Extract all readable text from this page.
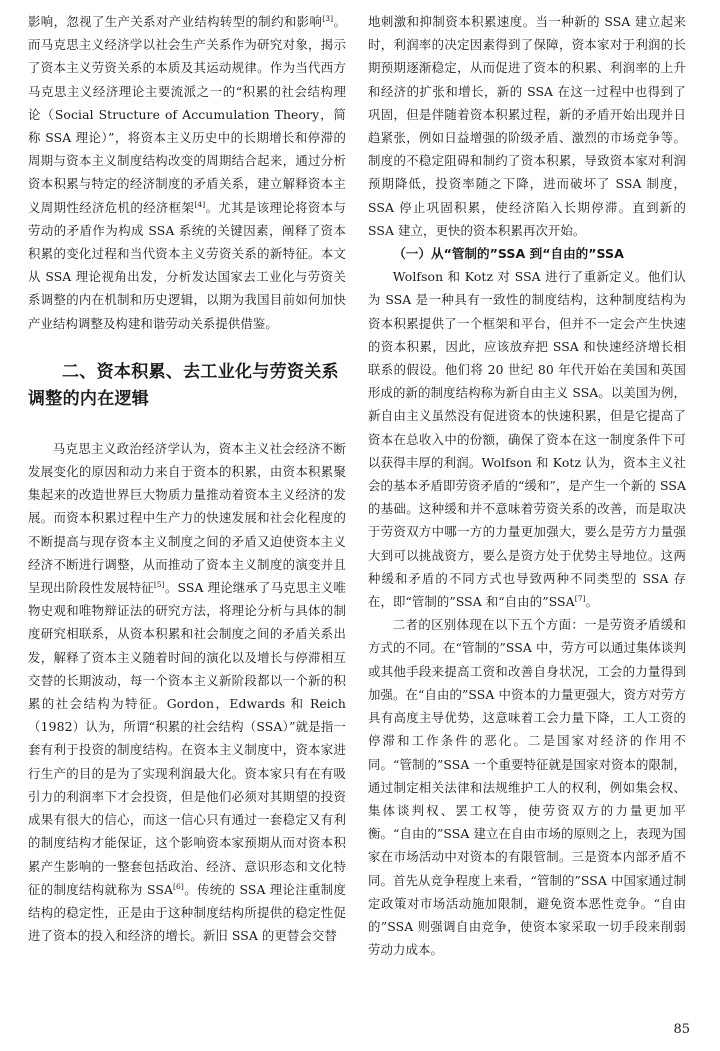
影响，忽视了生产关系对产业结构转型的制约和影响[3]。而马克思主义经济学以社会生产关系作为研究对象，揭示了资本主义劳资关系的本质及其运动规律。作为当代西方马克思主义经济理论主要流派之一的“积累的社会结构理论（Social Structure of Accumulation Theory，简称 SSA 理论）”，将资本主义历史中的长期增长和停滞的周期与资本主义制度结构改变的周期结合起来，通过分析资本积累与特定的经济制度的矛盾关系，建立解释资本主义周期性经济危机的经济框架[4]。尤其是该理论将资本与劳动的矛盾作为构成 SSA 系统的关键因素，阐释了资本积累的变化过程和当代资本主义劳资关系的新特征。本文从 SSA 理论视角出发，分析发达国家去工业化与劳资关系调整的内在机制和历史逻辑，以期为我国目前如何加快产业结构调整及构建和谐劳动关系提供借鉴。

二、资本积累、去工业化与劳资关系调整的内在逻辑

马克思主义政治经济学认为，资本主义社会经济不断发展变化的原因和动力来自于资本的积累，由资本积累聚集起来的改造世界巨大物质力量推动着资本主义经济的发展。而资本积累过程中生产力的快速发展和社会化程度的不断提高与现存资本主义制度之间的矛盾又迫使资本主义经济不断进行调整，从而推动了资本主义制度的演变并且呈现出阶段性发展特征[5]。SSA 理论继承了马克思主义唯物史观和唯物辩证法的研究方法，将理论分析与具体的制度研究相联系，从资本积累和社会制度之间的矛盾关系出发，解释了资本主义随着时间的演化以及增长与停滞相互交替的长期波动，每一个资本主义新阶段都以一个新的积累的社会结构为特征。Gordon，Edwards 和 Reich（1982）认为，所谓“积累的社会结构（SSA）”就是指一套有利于投资的制度结构。在资本主义制度中，资本家进行生产的目的是为了实现利润最大化。资本家只有在有吸引力的利润率下才会投资，但是他们必须对其期望的投资成果有很大的信心，而这一信心只有通过一套稳定又有利的制度结构才能保证，这个影响资本家预期从而对资本积累产生影响的一整套包括政治、经济、意识形态和文化特征的制度结构就称为 SSA[6]。传统的 SSA 理论注重制度结构的稳定性，正是由于这种制度结构所提供的稳定性促进了资本的投入和经济的增长。新旧 SSA 的更替会交替

地刺激和抑制资本积累速度。当一种新的 SSA 建立起来时，利润率的决定因素得到了保障，资本家对于利润的长期预期逐渐稳定，从而促进了资本的积累、利润率的上升和经济的扩张和增长，新的 SSA 在这一过程中也得到了巩固，但是伴随着资本积累过程，新的矛盾开始出现并日趋紧张，例如日益增强的阶级矛盾、激烈的市场竞争等。制度的不稳定阻碍和制约了资本积累，导致资本家对利润预期降低，投资率随之下降，进而破坏了 SSA 制度，SSA 停止巩固积累，使经济陷入长期停滞。直到新的 SSA 建立，更快的资本积累再次开始。

（一）从“管制的”SSA 到“自由的”SSA

Wolfson 和 Kotz 对 SSA 进行了重新定义。他们认为 SSA 是一种具有一致性的制度结构，这种制度结构为资本积累提供了一个框架和平台，但并不一定会产生快速的资本积累，因此，应该放弃把 SSA 和快速经济增长相联系的假设。他们将 20 世纪 80 年代开始在美国和英国形成的新的制度结构称为新自由主义 SSA。以美国为例，新自由主义虽然没有促进资本的快速积累，但是它提高了资本在总收入中的份额，确保了资本在这一制度条件下可以获得丰厚的利润。Wolfson 和 Kotz 认为，资本主义社会的基本矛盾即劳资矛盾的“缓和”，是产生一个新的 SSA 的基础。这种缓和并不意味着劳资关系的改善，而是取决于劳资双方中哪一方的力量更加强大，要么是劳方力量强大到可以挑战资方，要么是资方处于优势主导地位。这两种缓和矛盾的不同方式也导致两种不同类型的 SSA 存在，即“管制的”SSA 和“自由的”SSA[7]。

二者的区别体现在以下五个方面：一是劳资矛盾缓和方式的不同。在“管制的”SSA 中，劳方可以通过集体谈判或其他手段来提高工资和改善自身状况，工会的力量得到加强。在“自由的”SSA 中资本的力量更强大，资方对劳方具有高度主导优势，这意味着工会力量下降，工人工资的停滞和工作条件的恶化。二是国家对经济的作用不同。“管制的”SSA 一个重要特征就是国家对资本的限制，通过制定相关法律和法规维护工人的权利，例如集会权、集体谈判权、罢工权等，使劳资双方的力量更加平衡。“自由的”SSA 建立在自由市场的原则之上，表现为国家在市场活动中对资本的有限管制。三是资本内部矛盾不同。首先从竞争程度上来看，“管制的”SSA 中国家通过制定政策对市场活动施加限制，避免资本恶性竞争。“自由的”SSA 则强调自由竞争，使资本家采取一切手段来削弱劳动力成本。

85
